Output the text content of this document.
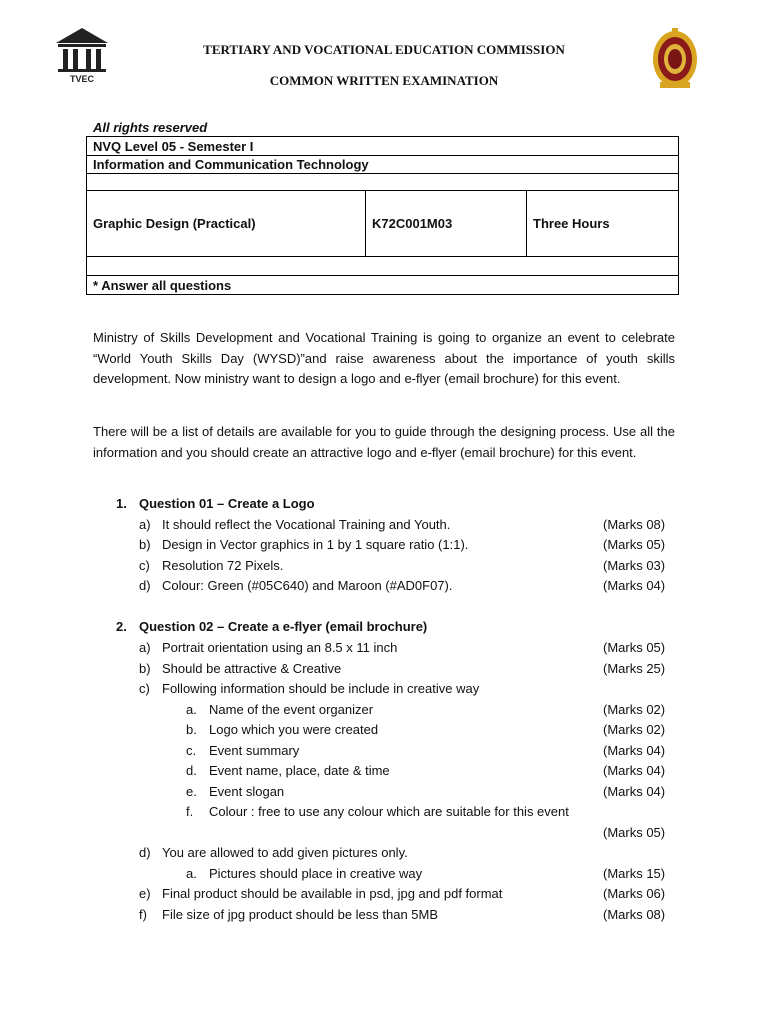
TVEC
TERTIARY AND VOCATIONAL EDUCATION COMMISSION
COMMON WRITTEN EXAMINATION
All rights reserved
NVQ Level 05 - Semester I
Information and Communication Technology

Graphic Design (Practical)	K72C001M03	Three Hours

* Answer all questions
Ministry of Skills Development and Vocational Training is going to organize an event to celebrate “World Youth Skills Day (WYSD)”and raise awareness about the importance of youth skills development. Now ministry want to design a logo and e-flyer (email brochure) for this event.
There will be a list of details are available for you to guide through the designing process. Use all the information and you should create an attractive logo and e-flyer (email brochure) for this event.
1. Question 01 – Create a Logo
a) It should reflect the Vocational Training and Youth.	(Marks 08)
b) Design in Vector graphics in 1 by 1 square ratio (1:1).	(Marks 05)
c) Resolution 72 Pixels.	(Marks 03)
d) Colour: Green (#05C640) and Maroon (#AD0F07).	(Marks 04)
2. Question 02 – Create a e-flyer (email brochure)
a) Portrait orientation using an 8.5 x 11 inch	(Marks 05)
b) Should be attractive & Creative	(Marks 25)
c) Following information should be include in creative way
a. Name of the event organizer	(Marks 02)
b. Logo which you were created	(Marks 02)
c. Event summary	(Marks 04)
d. Event name, place, date & time	(Marks 04)
e. Event slogan	(Marks 04)
f. Colour : free to use any colour which are suitable for this event
(Marks 05)
d) You are allowed to add given pictures only.
a. Pictures should place in creative way	(Marks 15)
e) Final product should be available in psd, jpg and pdf format	(Marks 06)
f) File size of jpg product should be less than 5MB	(Marks 08)
